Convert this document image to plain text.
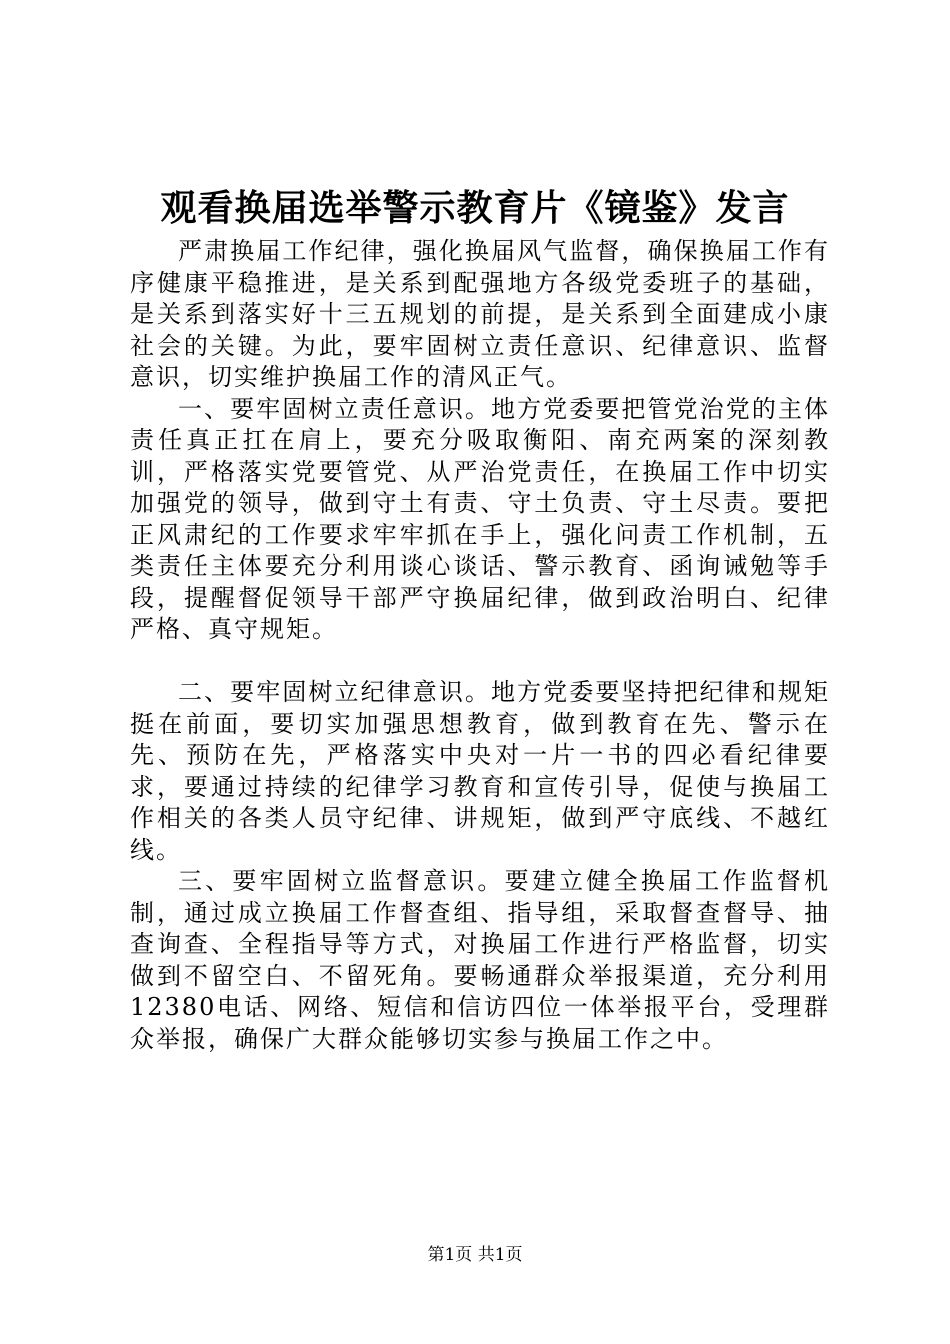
观看换届选举警示教育片《镜鉴》发言

严肃换届工作纪律，强化换届风气监督，确保换届工作有序健康平稳推进，是关系到配强地方各级党委班子的基础，是关系到落实好十三五规划的前提，是关系到全面建成小康社会的关键。为此，要牢固树立责任意识、纪律意识、监督意识，切实维护换届工作的清风正气。

一、要牢固树立责任意识。地方党委要把管党治党的主体责任真正扛在肩上，要充分吸取衡阳、南充两案的深刻教训，严格落实党要管党、从严治党责任，在换届工作中切实加强党的领导，做到守土有责、守土负责、守土尽责。要把正风肃纪的工作要求牢牢抓在手上，强化问责工作机制，五类责任主体要充分利用谈心谈话、警示教育、函询诫勉等手段，提醒督促领导干部严守换届纪律，做到政治明白、纪律严格、真守规矩。

二、要牢固树立纪律意识。地方党委要坚持把纪律和规矩挺在前面，要切实加强思想教育，做到教育在先、警示在先、预防在先，严格落实中央对一片一书的四必看纪律要求，要通过持续的纪律学习教育和宣传引导，促使与换届工作相关的各类人员守纪律、讲规矩，做到严守底线、不越红线。

三、要牢固树立监督意识。要建立健全换届工作监督机制，通过成立换届工作督查组、指导组，采取督查督导、抽查询查、全程指导等方式，对换届工作进行严格监督，切实做到不留空白、不留死角。要畅通群众举报渠道，充分利用12380电话、网络、短信和信访四位一体举报平台，受理群众举报，确保广大群众能够切实参与换届工作之中。

第1页 共1页
